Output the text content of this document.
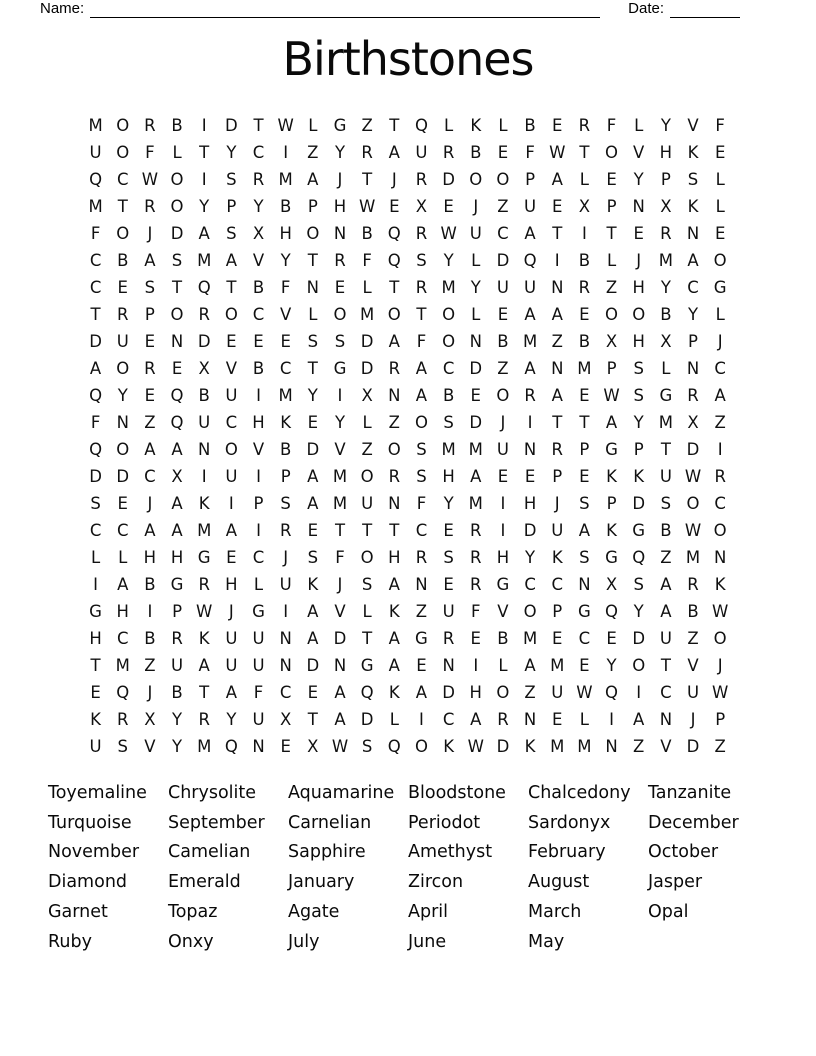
Name:	Date:
Birthstones
M O R B	I	D T W L G Z T Q L	K	L	B E R	F	L	Y V	F
U O F	L	T	Y C	I	Z Y R A U R B E	F W T O V H K	E
Q C W O	I	S R M A	J	T	J	R D O O P	A	L	E	Y	P	S	L
M T R O Y	P	Y B	P H W E X E	J	Z U E X	P N X K	L
F O	J	D A S X H O N B Q R W U C A T	I	T	E R N E
C B A S M A V Y	T R	F Q S	Y	L D Q	I	B	L	J	M A O
C E	S	T Q T B	F N E	L	T R M Y U U N R Z H Y C G
T R P O R O C V	L O M O T O L	E A A E O O B Y	L
D U E N D E	E	E	S	S D A	F O N B M Z B X H X	P	J
A O R E X V B C T G D R A C D Z A N M P	S	L N C
Q Y	E Q B U	I	M Y	I	X N A B E O R A E W S G R A
F N Z Q U C H K	E	Y	L	Z O S D	J	I	T	T A Y M X Z
Q O A A N O V B D V Z O S M M U N R P G P	T D	I
D D C X	I	U	I	P	A M O R S H A E	E	P	E	K K U W R
S	E	J	A K	I	P	S A M U N F	Y M	I	H	J	S	P D S O C
C C A A M A	I	R E	T	T	T C E R	I	D U A K G B W O
L	L H H G E C	J	S	F O H R S R H Y	K	S G Q Z M N
I	A B G R H L	U K	J	S A N E R G C C N X S A R K
G H	I	P W	J	G	I	A V	L	K Z U F	V O P G Q Y A B W
H C B R K U U N A D T A G R E B M E C E D U Z O
T M Z U A U U N D N G A E N	I	L	A M E	Y O T V	J
E Q	J	B T A	F	C E A Q K A D H O Z U W Q	I	C U W
K R X Y R Y U X T A D L	I	C A R N E	L	I	A N	J	P
U S V Y M Q N E X W S Q O K W D K M M N Z V D Z
Toyemaline
Turquoise
November
Diamond
Garnet
Ruby
Chrysolite
September
Camelian
Emerald
Topaz
Onxy
Aquamarine
Carnelian
Sapphire
January
Agate
July
Bloodstone
Periodot
Amethyst
Zircon
April
June
Chalcedony
Sardonyx
February
August
March
May
Tanzanite
December
October
Jasper
Opal
